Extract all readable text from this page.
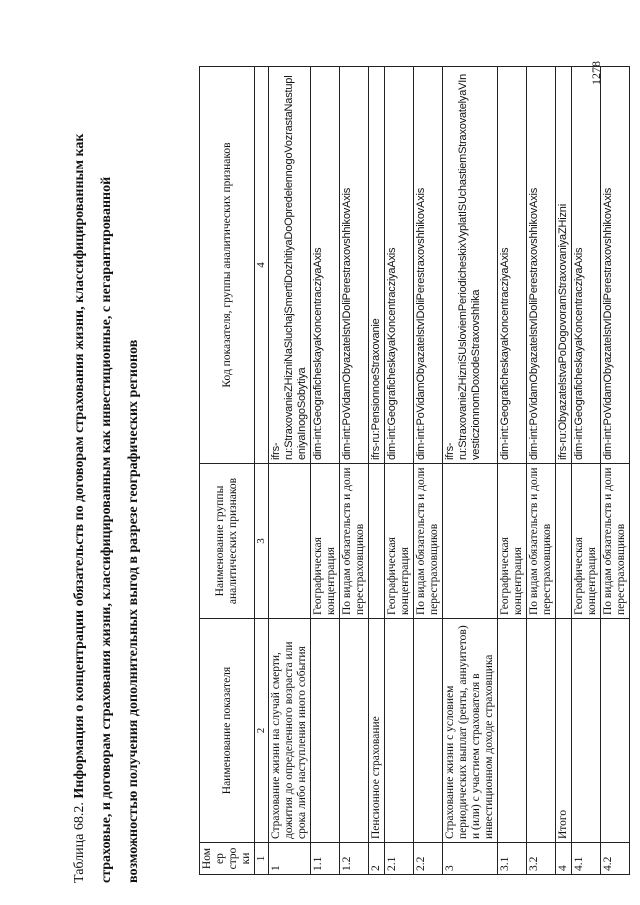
Таблица 68.2. Информация о концентрации обязательств по договорам страхования жизни, классифицированным как страховые, и договорам страхования жизни, классифицированным как инвестиционные, с негарантированной возможностью получения дополнительных выгод в разрезе географических регионов	Номер строки	Наименование показателя	Наименование группы аналитических признаков	Код показателя, группы аналитических признаков
1	2	3	4
1	Страхование жизни на случай смерти, дожития до определенного возраста или срока либо наступления иного события		ifrs-ru:StraxovanieZHizniNaSluchajSmertiDozhitiyaDoOpredelennogoVozrastaNastupleniyaInogoSobytiya
1.1		Географическая концентрация	dim-int:GeograficheskayaKoncentracziyaAxis
1.2		По видам обязательств и доли перестраховщиков	dim-int:PoVidamObyazatelstvIDoliPerestraxovshhikovAxis
2	Пенсионное страхование		ifrs-ru:PensionnoeStraxovanie
2.1		Географическая концентрация	dim-int:GeograficheskayaKoncentracziyaAxis
2.2		По видам обязательств и доли перестраховщиков	dim-int:PoVidamObyazatelstvIDoliPerestraxovshhikovAxis
3	Страхование жизни с условием периодических выплат (ренты, аннуитетов) и (или) с участием страхователя в инвестиционном доходе страховщика		ifrs-ru:StraxovanieZHizniSUsloviemPeriodicheskixVyplatISUchastiemStraxovatelyaVInvesticzionnomDoxodeStraxovshhika
3.1		Географическая концентрация	dim-int:GeograficheskayaKoncentracziyaAxis
3.2		По видам обязательств и доли перестраховщиков	dim-int:PoVidamObyazatelstvIDoliPerestraxovshhikovAxis
4	Итого		ifrs-ru:ObyazatelstvaPoDogovoramStraxovaniyaZHizni
4.1		Географическая концентрация	dim-int:GeograficheskayaKoncentracziyaAxis
4.2		По видам обязательств и доли перестраховщиков	dim-int:PoVidamObyazatelstvIDoliPerestraxovshhikovAxis
1278
